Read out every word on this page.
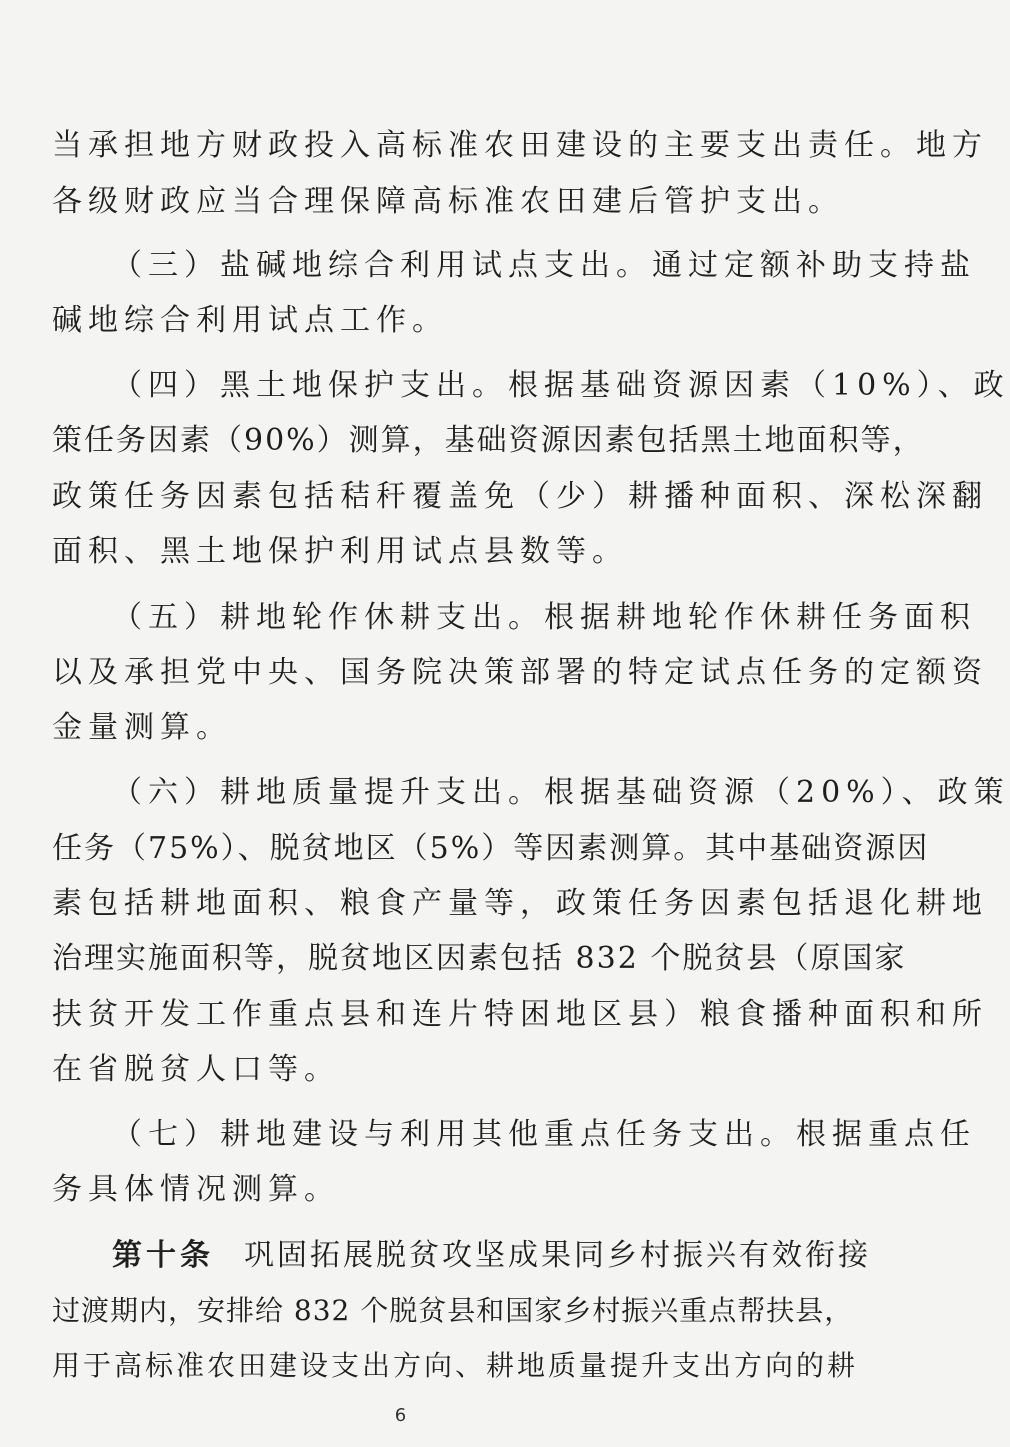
当承担地方财政投入高标准农田建设的主要支出责任。地方
各级财政应当合理保障高标准农田建后管护支出。
（三）盐碱地综合利用试点支出。通过定额补助支持盐
碱地综合利用试点工作。
（四）黑土地保护支出。根据基础资源因素（10%）、政
策任务因素（90%）测算，基础资源因素包括黑土地面积等，
政策任务因素包括秸秆覆盖免（少）耕播种面积、深松深翻
面积、黑土地保护利用试点县数等。
（五）耕地轮作休耕支出。根据耕地轮作休耕任务面积
以及承担党中央、国务院决策部署的特定试点任务的定额资
金量测算。
（六）耕地质量提升支出。根据基础资源（20%）、政策
任务（75%）、脱贫地区（5%）等因素测算。其中基础资源因
素包括耕地面积、粮食产量等，政策任务因素包括退化耕地
治理实施面积等，脱贫地区因素包括 832 个脱贫县（原国家
扶贫开发工作重点县和连片特困地区县）粮食播种面积和所
在省脱贫人口等。
（七）耕地建设与利用其他重点任务支出。根据重点任
务具体情况测算。
第十条 巩固拓展脱贫攻坚成果同乡村振兴有效衔接
过渡期内，安排给 832 个脱贫县和国家乡村振兴重点帮扶县，
用于高标准农田建设支出方向、耕地质量提升支出方向的耕
6
